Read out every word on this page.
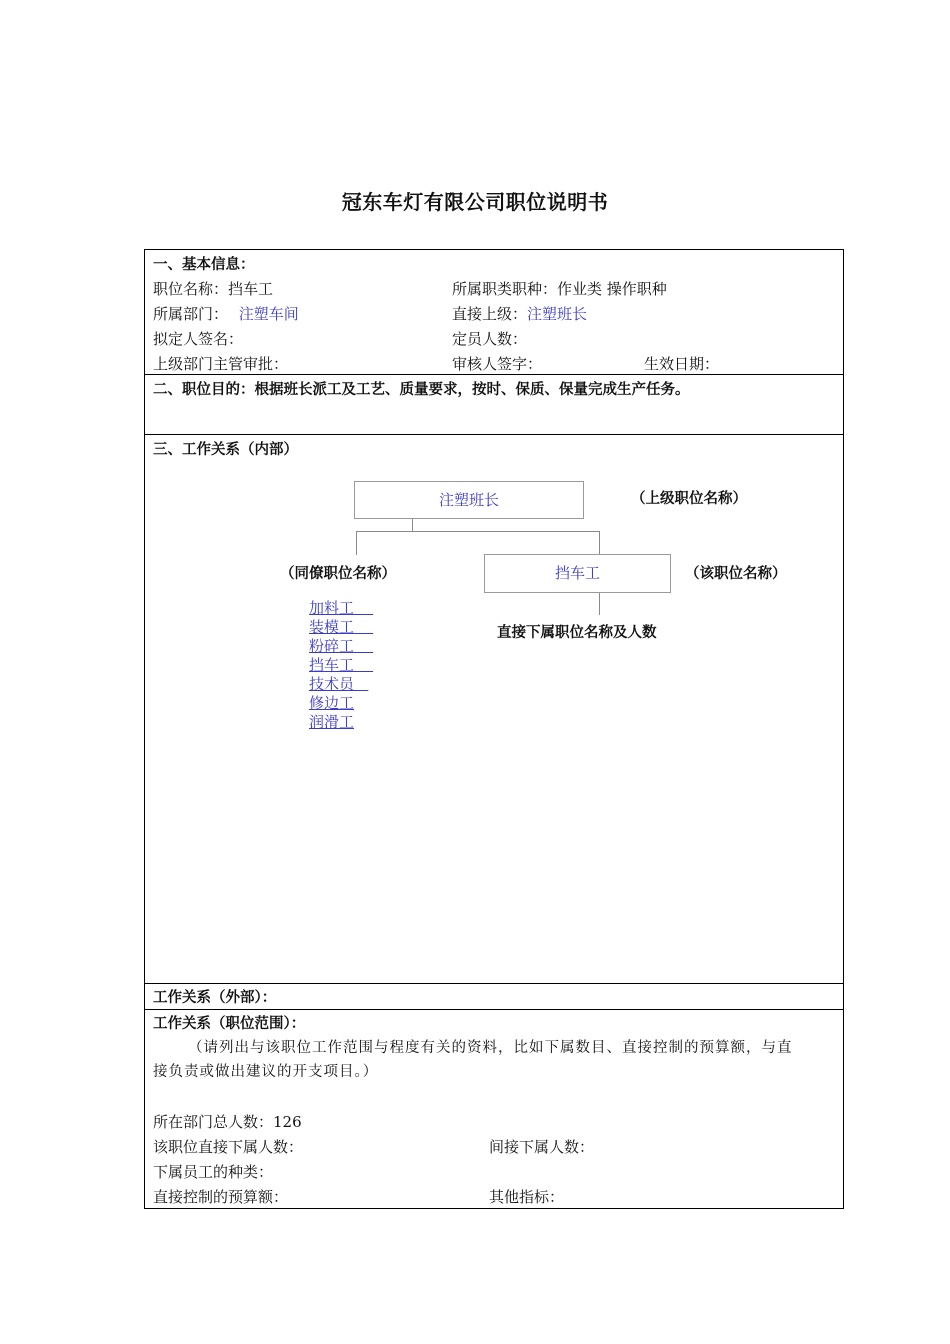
冠东车灯有限公司职位说明书
一、基本信息：
职位名称：挡车工	所属职类职种：作业类 操作职种
所属部门： 注塑车间	直接上级：注塑班长
拟定人签名：	定员人数：
上级部门主管审批：	审核人签字：	生效日期：
二、职位目的：根据班长派工及工艺、质量要求，按时、保质、保量完成生产任务。
三、工作关系（内部）
注塑班长	（上级职位名称）
（同僚职位名称）	挡车工	（该职位名称）
直接下属职位名称及人数
加料工
装模工
粉碎工
挡车工
技术员
修边工
润滑工
工作关系（外部）：
工作关系（职位范围）：
（请列出与该职位工作范围与程度有关的资料，比如下属数目、直接控制的预算额，与直
接负责或做出建议的开支项目。）
所在部门总人数：126
该职位直接下属人数：	间接下属人数：
下属员工的种类：
直接控制的预算额：	其他指标：
